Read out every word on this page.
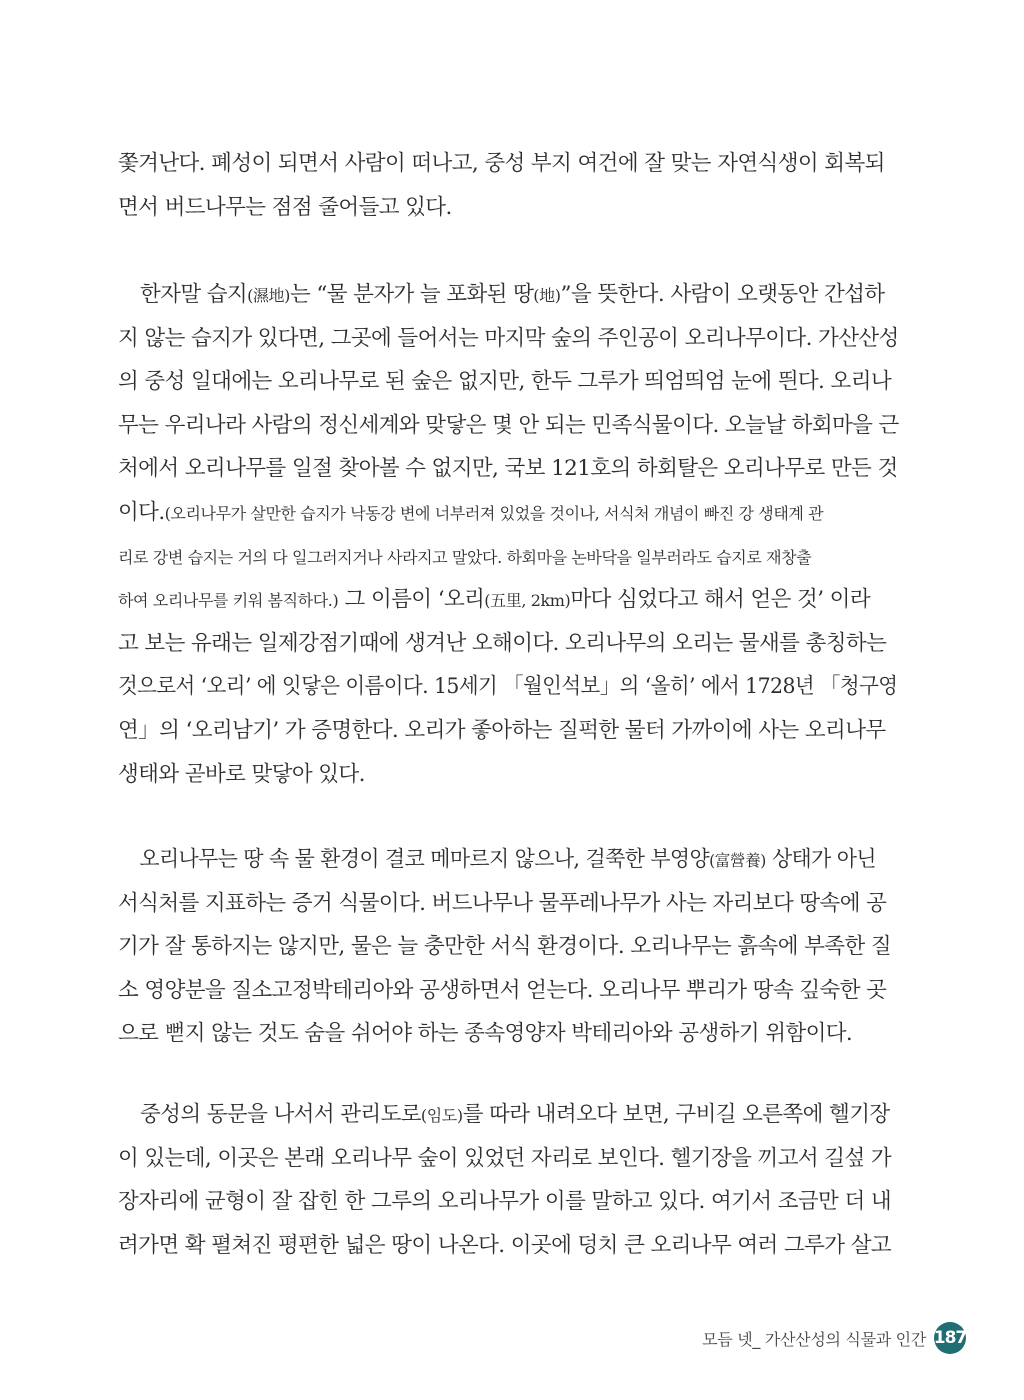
쫓겨난다. 폐성이 되면서 사람이 떠나고, 중성 부지 여건에 잘 맞는 자연식생이 회복되
면서 버드나무는 점점 줄어들고 있다.
한자말 습지(濕地)는 “물 분자가 늘 포화된 땅(地)”을 뜻한다. 사람이 오랫동안 간섭하
지 않는 습지가 있다면, 그곳에 들어서는 마지막 숲의 주인공이 오리나무이다. 가산산성
의 중성 일대에는 오리나무로 된 숲은 없지만, 한두 그루가 띄엄띄엄 눈에 띈다. 오리나
무는 우리나라 사람의 정신세계와 맞닿은 몇 안 되는 민족식물이다. 오늘날 하회마을 근
처에서 오리나무를 일절 찾아볼 수 없지만, 국보 121호의 하회탈은 오리나무로 만든 것
이다.(오리나무가 살만한 습지가 낙동강 변에 너부러져 있었을 것이나, 서식처 개념이 빠진 강 생태계 관
리로 강변 습지는 거의 다 일그러지거나 사라지고 말았다. 하회마을 논바닥을 일부러라도 습지로 재창출
하여 오리나무를 키워 봄직하다.) 그 이름이 ‘오리(五里, 2km)마다 심었다고 해서 얻은 것’ 이라
고 보는 유래는 일제강점기때에 생겨난 오해이다. 오리나무의 오리는 물새를 총칭하는
것으로서 ‘오리’ 에 잇닿은 이름이다. 15세기 「월인석보」의 ‘올히’ 에서 1728년 「청구영
연」의 ‘오리남기’ 가 증명한다. 오리가 좋아하는 질퍽한 물터 가까이에 사는 오리나무
생태와 곧바로 맞닿아 있다.
오리나무는 땅 속 물 환경이 결코 메마르지 않으나, 걸쭉한 부영양(富營養) 상태가 아닌
서식처를 지표하는 증거 식물이다. 버드나무나 물푸레나무가 사는 자리보다 땅속에 공
기가 잘 통하지는 않지만, 물은 늘 충만한 서식 환경이다. 오리나무는 흙속에 부족한 질
소 영양분을 질소고정박테리아와 공생하면서 얻는다. 오리나무 뿌리가 땅속 깊숙한 곳
으로 뻗지 않는 것도 숨을 쉬어야 하는 종속영양자 박테리아와 공생하기 위함이다.
중성의 동문을 나서서 관리도로(임도)를 따라 내려오다 보면, 구비길 오른쪽에 헬기장
이 있는데, 이곳은 본래 오리나무 숲이 있었던 자리로 보인다. 헬기장을 끼고서 길섶 가
장자리에 균형이 잘 잡힌 한 그루의 오리나무가 이를 말하고 있다. 여기서 조금만 더 내
려가면 확 펼쳐진 평편한 넓은 땅이 나온다. 이곳에 덩치 큰 오리나무 여러 그루가 살고
모듬 넷_ 가산산성의 식물과 인간 187
